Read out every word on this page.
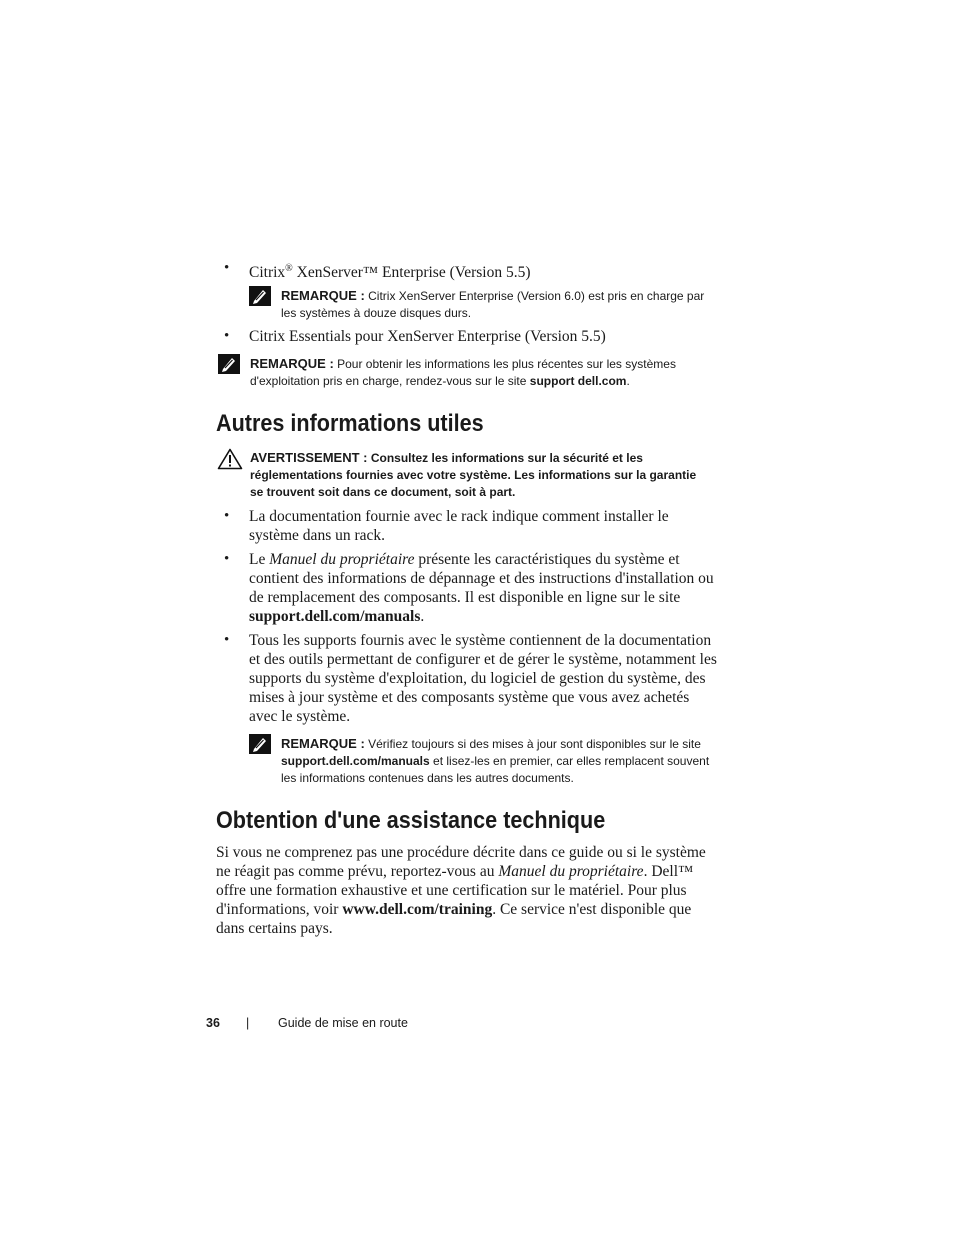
• Citrix® XenServer™ Enterprise (Version 5.5)
REMARQUE : Citrix XenServer Enterprise (Version 6.0) est pris en charge par les systèmes à douze disques durs.
• Citrix Essentials pour XenServer Enterprise (Version 5.5)
REMARQUE : Pour obtenir les informations les plus récentes sur les systèmes d'exploitation pris en charge, rendez-vous sur le site support dell.com.
Autres informations utiles
AVERTISSEMENT : Consultez les informations sur la sécurité et les réglementations fournies avec votre système. Les informations sur la garantie se trouvent soit dans ce document, soit à part.
• La documentation fournie avec le rack indique comment installer le système dans un rack.
• Le Manuel du propriétaire présente les caractéristiques du système et contient des informations de dépannage et des instructions d'installation ou de remplacement des composants. Il est disponible en ligne sur le site support.dell.com/manuals.
• Tous les supports fournis avec le système contiennent de la documentation et des outils permettant de configurer et de gérer le système, notamment les supports du système d'exploitation, du logiciel de gestion du système, des mises à jour système et des composants système que vous avez achetés avec le système.
REMARQUE : Vérifiez toujours si des mises à jour sont disponibles sur le site support.dell.com/manuals et lisez-les en premier, car elles remplacent souvent les informations contenues dans les autres documents.
Obtention d'une assistance technique
Si vous ne comprenez pas une procédure décrite dans ce guide ou si le système ne réagit pas comme prévu, reportez-vous au Manuel du propriétaire. Dell™ offre une formation exhaustive et une certification sur le matériel. Pour plus d'informations, voir www.dell.com/training. Ce service n'est disponible que dans certains pays.
36 | Guide de mise en route
